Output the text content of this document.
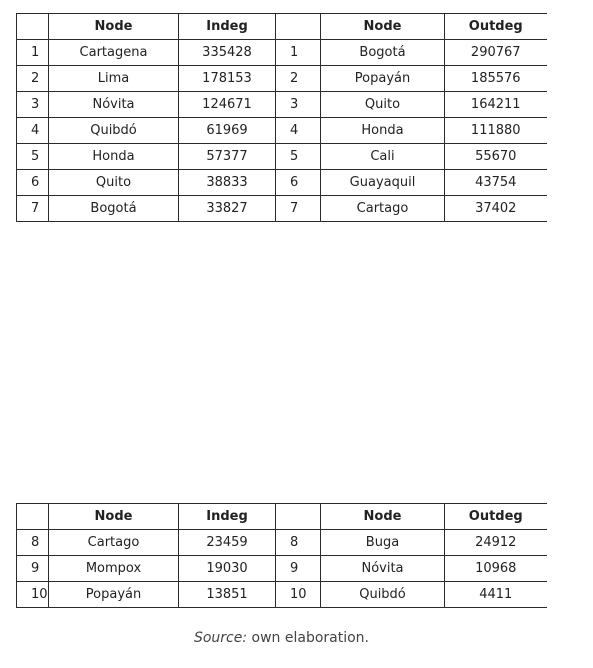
	Node	Indeg		Node	Outdeg
1	Cartagena	335428	1	Bogotá	290767
2	Lima	178153	2	Popayán	185576
3	Nóvita	124671	3	Quito	164211
4	Quibdó	61969	4	Honda	111880
5	Honda	57377	5	Cali	55670
6	Quito	38833	6	Guayaquil	43754
7	Bogotá	33827	7	Cartago	37402
	Node	Indeg		Node	Outdeg
8	Cartago	23459	8	Buga	24912
9	Mompox	19030	9	Nóvita	10968
10	Popayán	13851	10	Quibdó	4411
Source: own elaboration.
